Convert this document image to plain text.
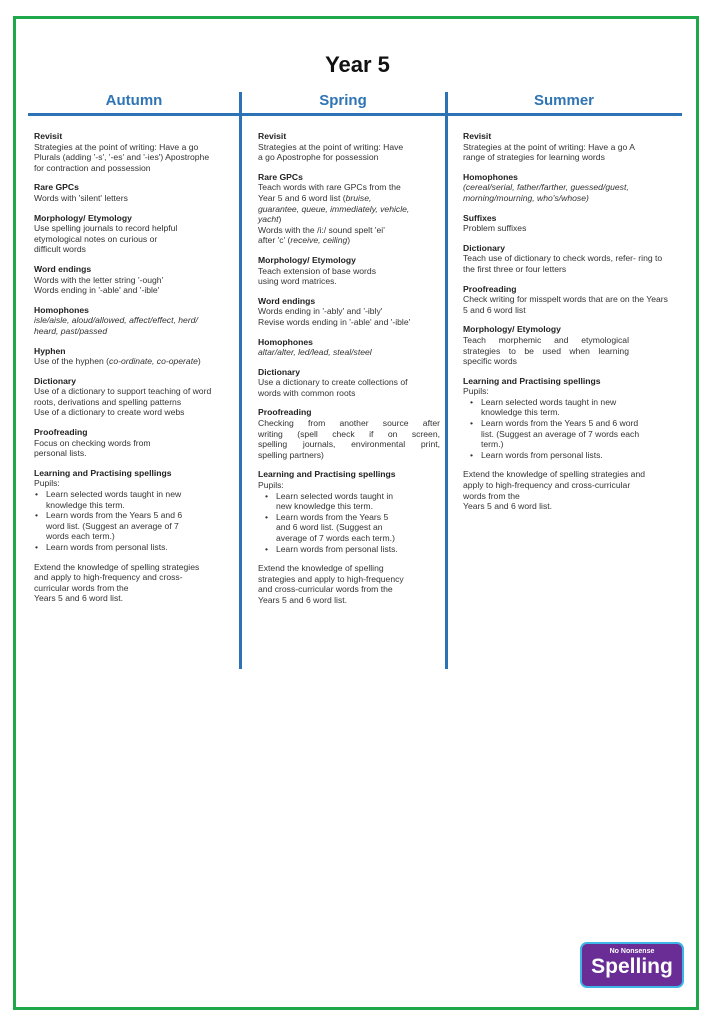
Year 5
Autumn	Spring	Summer
Revisit

Strategies at the point of writing: Have a go

Plurals (adding '-s', '-es' and '-ies') Apostrophe

for contraction and possession

Rare GPCs

Words with 'silent' letters

Morphology/ Etymology

Use spelling journals to record helpful

etymological notes on curious or

difficult words

Word endings

Words with the letter string '-ough'

Words ending in '-able' and '-ible'

Homophones

isle/aisle, aloud/allowed, affect/effect, herd/

heard, past/passed

Hyphen

Use of the hyphen (co-ordinate, co-operate)

Dictionary

Use of a dictionary to support teaching of word

roots, derivations and spelling patterns

Use of a dictionary to create word webs

Proofreading

Focus on checking words from

personal lists.

Learning and Practising spellings

Pupils:

• Learn selected words taught in new
knowledge this term.
• Learn words from the Years 5 and 6
word list. (Suggest an average of 7
words each term.)
• Learn words from personal lists.

Extend the knowledge of spelling strategies

and apply to high-frequency and cross-

curricular words from the

Years 5 and 6 word list.

Revisit

Strategies at the point of writing: Have

a go Apostrophe for possession

Rare GPCs

Teach words with rare GPCs from the

Year 5 and 6 word list (bruise,

guarantee, queue, immediately, vehicle,

yacht)

Words with the /i:/ sound spelt 'ei'

after 'c' (receive, ceiling)

Morphology/ Etymology

Teach extension of base words

using word matrices.

Word endings

Words ending in '-ably' and '-ibly'

Revise words ending in '-able' and '-ible'

Homophones

altar/alter, led/lead, steal/steel

Dictionary

Use a dictionary to create collections of

words with common roots

Proofreading

Checking from another source after

writing (spell check if on screen,

spelling journals, environmental print,

spelling partners)

Learning and Practising spellings

Pupils:

• Learn selected words taught in
new knowledge this term.
• Learn words from the Years 5
and 6 word list. (Suggest an
average of 7 words each term.)
• Learn words from personal lists.

Extend the knowledge of spelling

strategies and apply to high-frequency

and cross-curricular words from the

Years 5 and 6 word list.

Revisit

Strategies at the point of writing: Have a go A

range of strategies for learning words

Homophones

(cereal/serial, father/farther, guessed/guest,

morning/mourning, who's/whose)

Suffixes

Problem suffixes

Dictionary

Teach use of dictionary to check words, refer- ring to

the first three or four letters

Proofreading

Check writing for misspelt words that are on the Years

5 and 6 word list

Morphology/ Etymology

Teach morphemic and etymological

strategies to be used when learning

specific words

Learning and Practising spellings

Pupils:

• Learn selected words taught in new
knowledge this term.
• Learn words from the Years 5 and 6 word
list. (Suggest an average of 7 words each
term.)
• Learn words from personal lists.

Extend the knowledge of spelling strategies and

apply to high-frequency and cross-curricular

words from the

Years 5 and 6 word list.

No Nonsense
Spelling
